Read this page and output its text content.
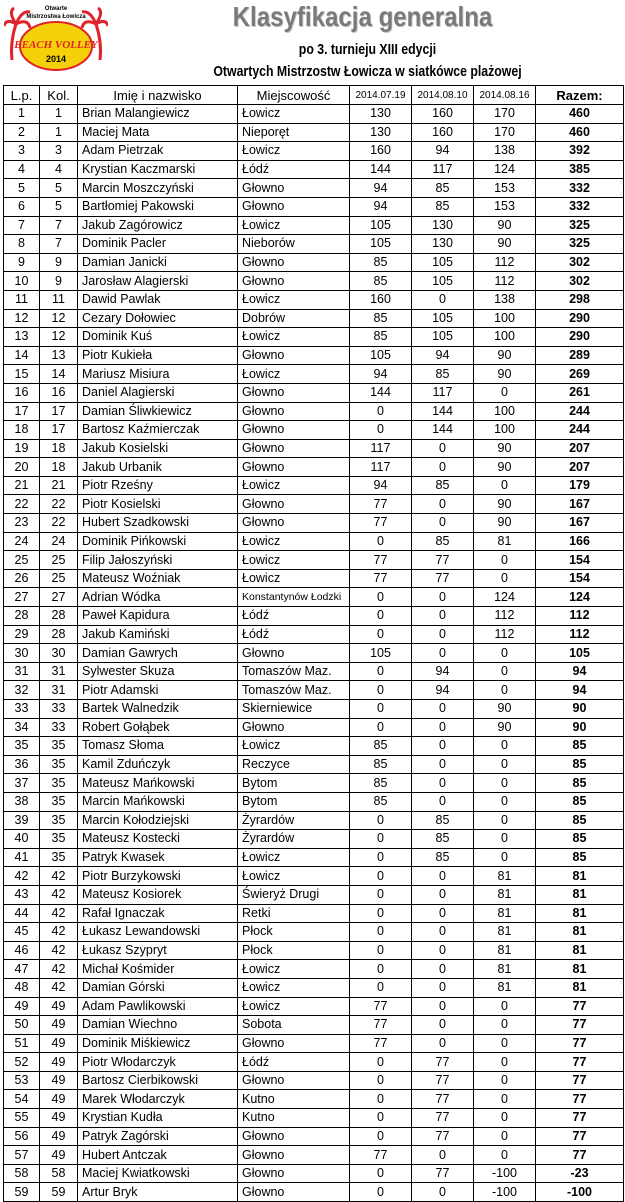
Otwarte
Mistrzostwa Łowicza
BEACH VOLLEY
2014
Klasyfikacja generalna
po 3. turnieju XIII edycji
Otwartych Mistrzostw Łowicza w siatkówce plażowej
L.p.	Kol.	Imię i nazwisko	Miejscowość	2014.07.19	2014.08.10	2014.08.16	Razem:
1	1	Brian Malangiewicz	Łowicz	130	160	170	460
2	1	Maciej Mata	Nieporęt	130	160	170	460
3	3	Adam Pietrzak	Łowicz	160	94	138	392
4	4	Krystian Kaczmarski	Łódź	144	117	124	385
5	5	Marcin Moszczyński	Głowno	94	85	153	332
6	5	Bartłomiej Pakowski	Głowno	94	85	153	332
7	7	Jakub Zagórowicz	Łowicz	105	130	90	325
8	7	Dominik Pacler	Nieborów	105	130	90	325
9	9	Damian Janicki	Głowno	85	105	112	302
10	9	Jarosław Alagierski	Głowno	85	105	112	302
11	11	Dawid Pawlak	Łowicz	160	0	138	298
12	12	Cezary Dołowiec	Dobrów	85	105	100	290
13	12	Dominik Kuś	Łowicz	85	105	100	290
14	13	Piotr Kukieła	Głowno	105	94	90	289
15	14	Mariusz Misiura	Łowicz	94	85	90	269
16	16	Daniel Alagierski	Głowno	144	117	0	261
17	17	Damian Śliwkiewicz	Głowno	0	144	100	244
18	17	Bartosz Kaźmierczak	Głowno	0	144	100	244
19	18	Jakub Kosielski	Głowno	117	0	90	207
20	18	Jakub Urbanik	Głowno	117	0	90	207
21	21	Piotr Rześny	Łowicz	94	85	0	179
22	22	Piotr Kosielski	Głowno	77	0	90	167
23	22	Hubert Szadkowski	Głowno	77	0	90	167
24	24	Dominik Pińkowski	Łowicz	0	85	81	166
25	25	Filip Jałoszyński	Łowicz	77	77	0	154
26	25	Mateusz Woźniak	Łowicz	77	77	0	154
27	27	Adrian Wódka	Konstantynów Łodzki	0	0	124	124
28	28	Paweł Kapidura	Łódź	0	0	112	112
29	28	Jakub Kamiński	Łódź	0	0	112	112
30	30	Damian Gawrych	Głowno	105	0	0	105
31	31	Sylwester Skuza	Tomaszów Maz.	0	94	0	94
32	31	Piotr Adamski	Tomaszów Maz.	0	94	0	94
33	33	Bartek Walnedzik	Skierniewice	0	0	90	90
34	33	Robert Gołąbek	Głowno	0	0	90	90
35	35	Tomasz Słoma	Łowicz	85	0	0	85
36	35	Kamil Zduńczyk	Reczyce	85	0	0	85
37	35	Mateusz Mańkowski	Bytom	85	0	0	85
38	35	Marcin Mańkowski	Bytom	85	0	0	85
39	35	Marcin Kołodziejski	Żyrardów	0	85	0	85
40	35	Mateusz Kostecki	Żyrardów	0	85	0	85
41	35	Patryk Kwasek	Łowicz	0	85	0	85
42	42	Piotr Burzykowski	Łowicz	0	0	81	81
43	42	Mateusz Kosiorek	Świeryż Drugi	0	0	81	81
44	42	Rafał Ignaczak	Retki	0	0	81	81
45	42	Łukasz Lewandowski	Płock	0	0	81	81
46	42	Łukasz Szypryt	Płock	0	0	81	81
47	42	Michał Kośmider	Łowicz	0	0	81	81
48	42	Damian Górski	Łowicz	0	0	81	81
49	49	Adam Pawlikowski	Łowicz	77	0	0	77
50	49	Damian Wiechno	Sobota	77	0	0	77
51	49	Dominik Miśkiewicz	Głowno	77	0	0	77
52	49	Piotr Włodarczyk	Łódź	0	77	0	77
53	49	Bartosz Cierbikowski	Głowno	0	77	0	77
54	49	Marek Włodarczyk	Kutno	0	77	0	77
55	49	Krystian Kudła	Kutno	0	77	0	77
56	49	Patryk Zagórski	Głowno	0	77	0	77
57	49	Hubert Antczak	Głowno	77	0	0	77
58	58	Maciej Kwiatkowski	Głowno	0	77	-100	-23
59	59	Artur Bryk	Głowno	0	0	-100	-100
